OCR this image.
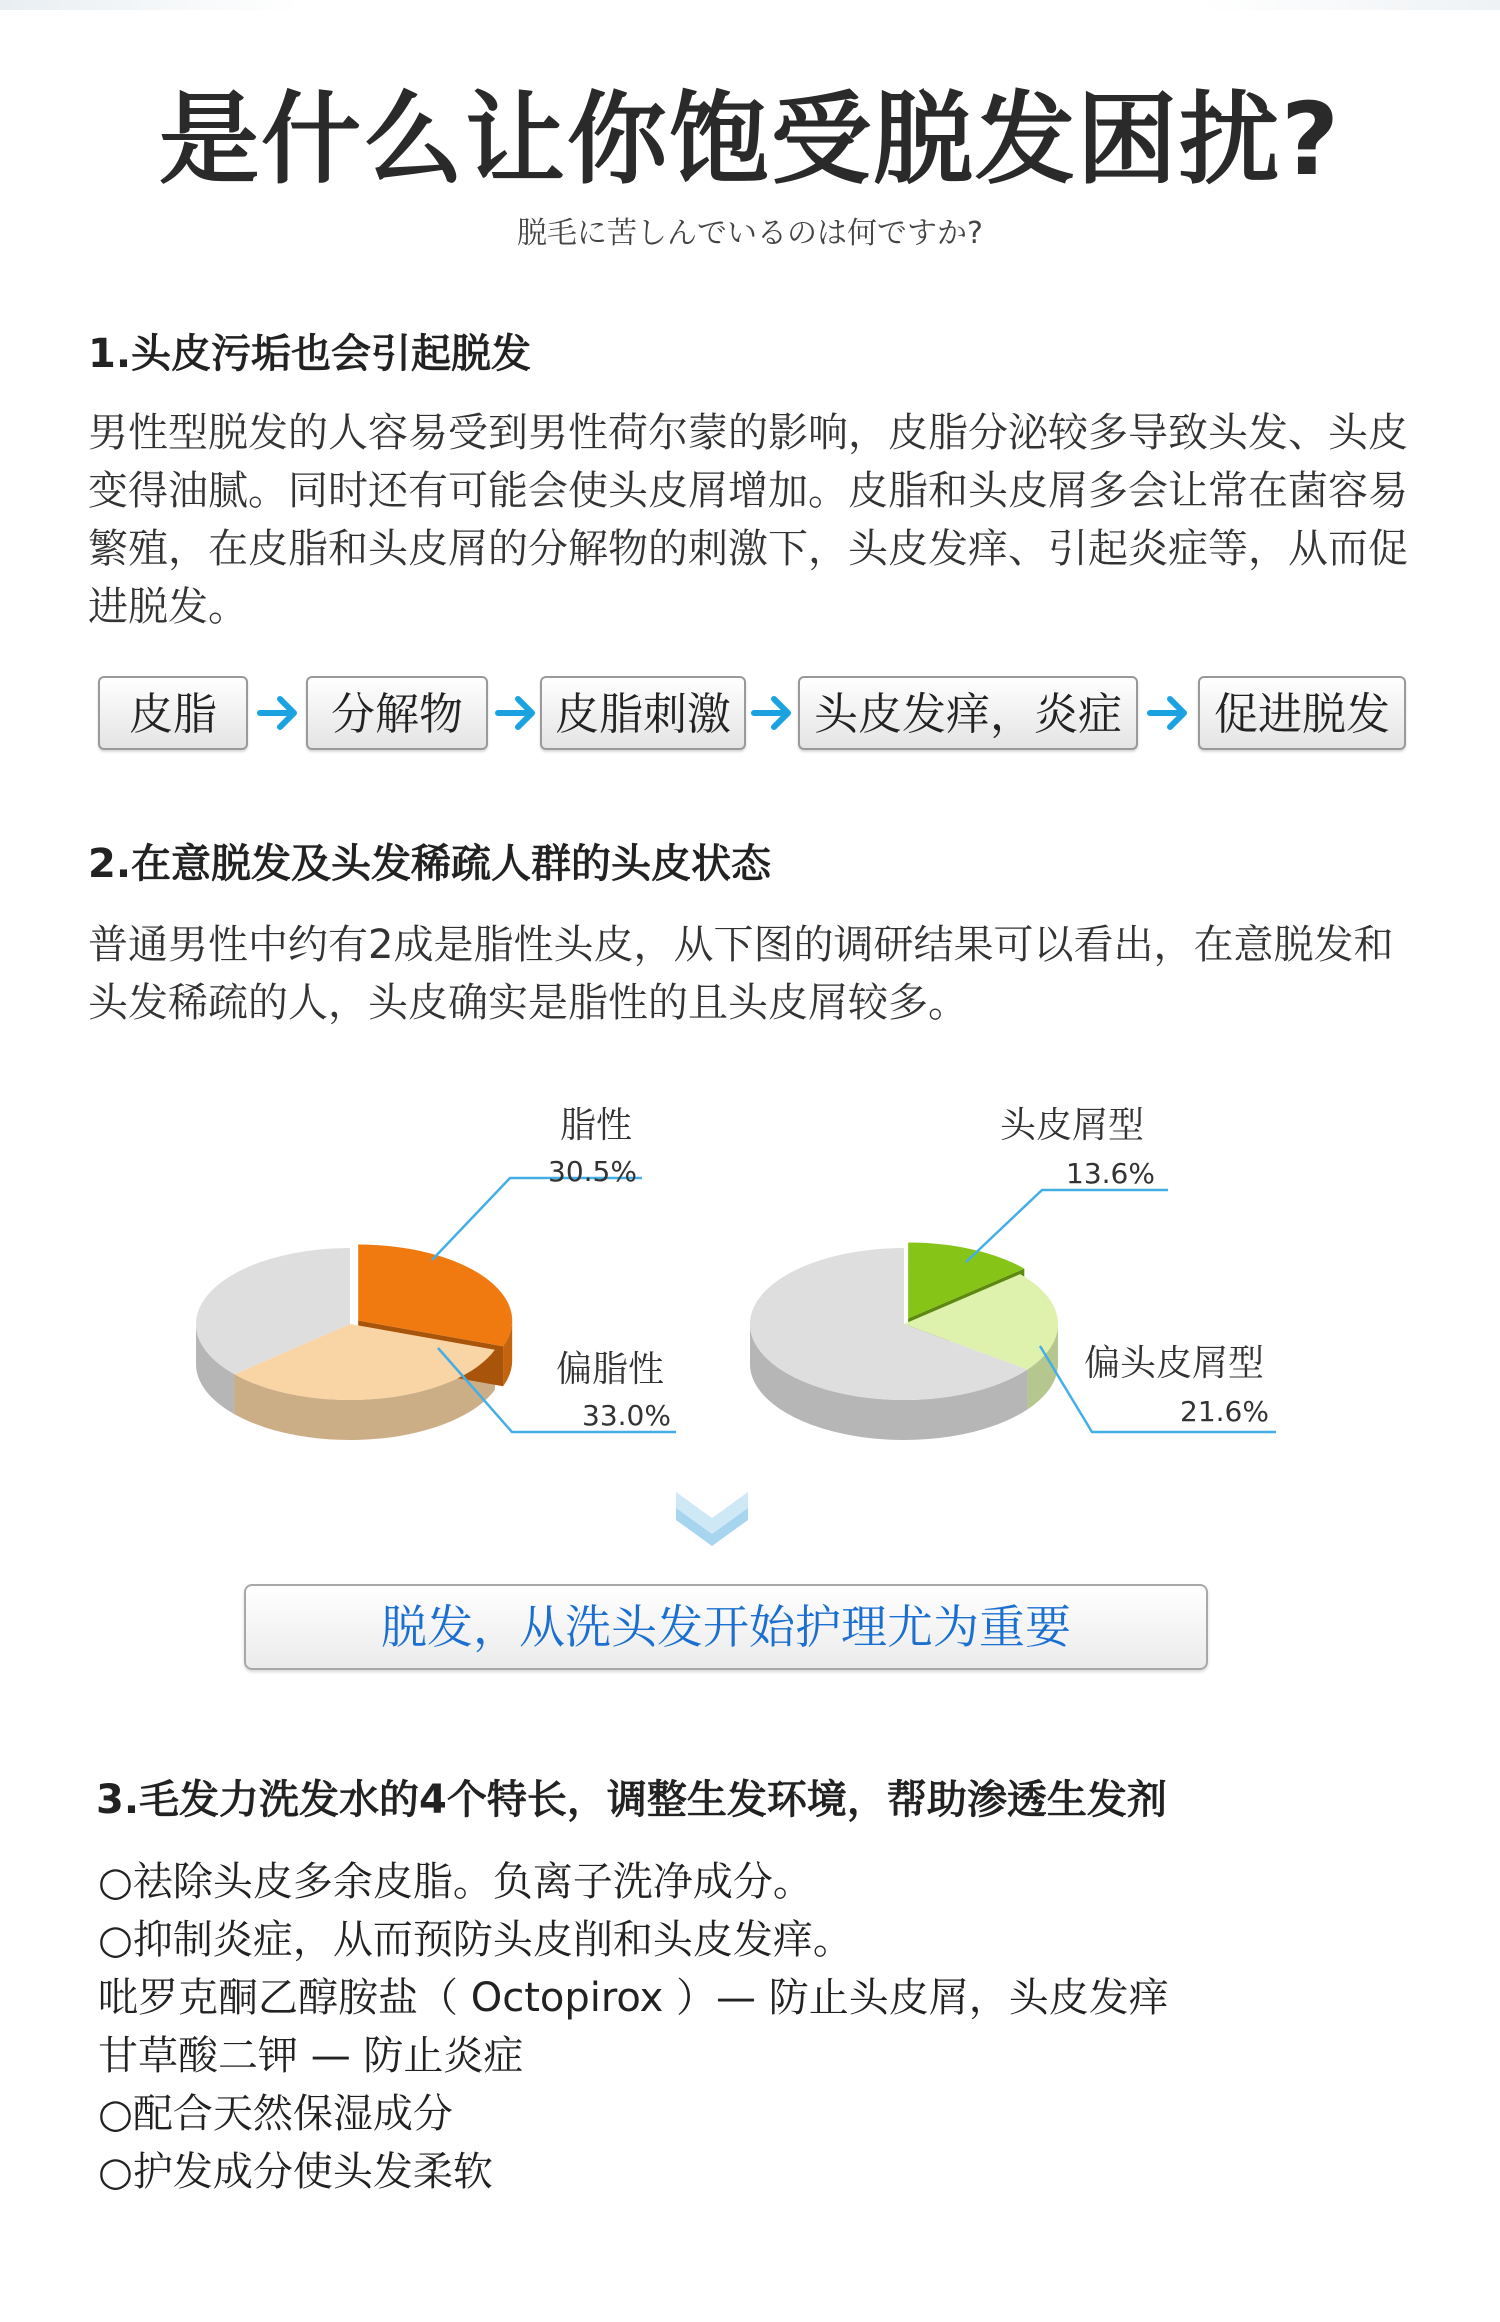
是什么让你饱受脱发困扰?
脱毛に苦しんでいるのは何ですか?
1.头皮污垢也会引起脱发

男性型脱发的人容易受到男性荷尔蒙的影响，皮脂分泌较多导致头发、头皮变得油腻。同时还有可能会使头皮屑增加。皮脂和头皮屑多会让常在菌容易繁殖，在皮脂和头皮屑的分解物的刺激下，头皮发痒、引起炎症等，从而促进脱发。

皮脂	分解物	皮脂刺激	头皮发痒，炎症	促进脱发
2.在意脱发及头发稀疏人群的头皮状态

普通男性中约有2成是脂性头皮，从下图的调研结果可以看出，在意脱发和头发稀疏的人，头皮确实是脂性的且头皮屑较多。

脂性
30.5%
偏脂性
33.0%
头皮屑型
13.6%
偏头皮屑型
21.6%
脱发，从洗头发开始护理尤为重要
3.毛发力洗发水的4个特长，调整生发环境，帮助渗透生发剂
○祛除头皮多余皮脂。负离子洗净成分。
○抑制炎症，从而预防头皮削和头皮发痒。
吡罗克酮乙醇胺盐（ Octopirox ）— 防止头皮屑，头皮发痒
甘草酸二钾 — 防止炎症
○配合天然保湿成分
○护发成分使头发柔软
